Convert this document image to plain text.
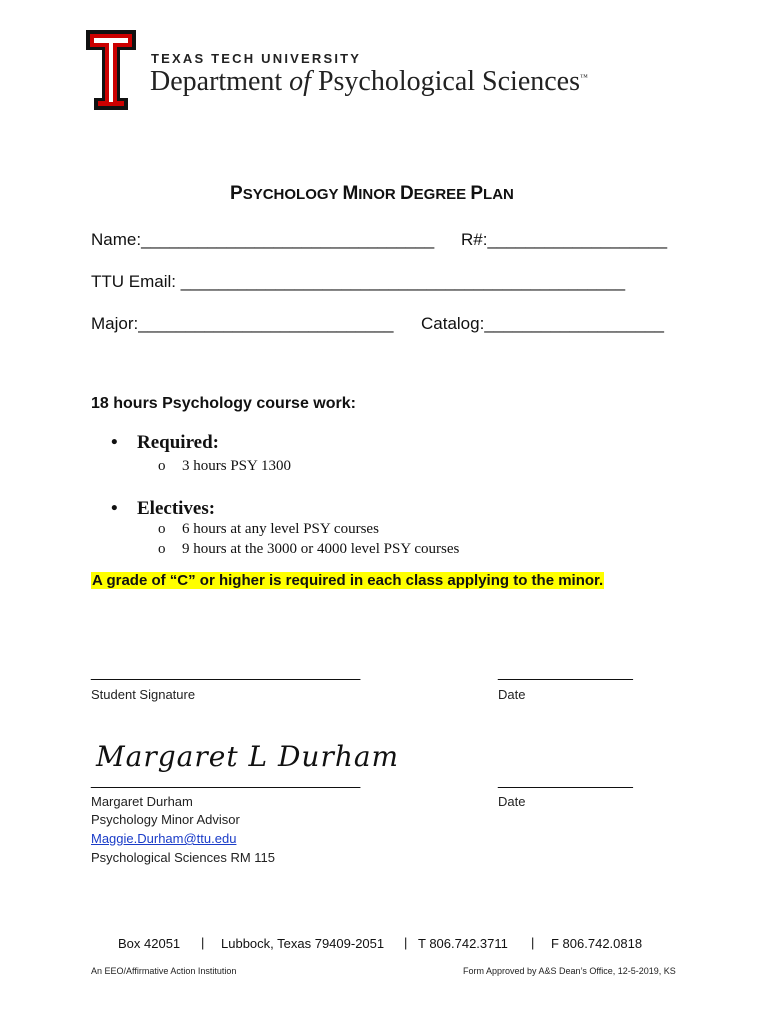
TEXAS TECH UNIVERSITY
Department of Psychological Sciences™
PSYCHOLOGY MINOR DEGREE PLAN
Name:_______________________________ R#:___________________
TTU Email: _______________________________________________
Major:___________________________ Catalog:___________________
18 hours Psychology course work:
• Required:
o 3 hours PSY 1300
• Electives:
o 6 hours at any level PSY courses
o 9 hours at the 3000 or 4000 level PSY courses
A grade of “C” or higher is required in each class applying to the minor.
________________________________	________________
Student Signature	Date
Margaret L Durham
________________________________	________________
Margaret Durham	Date
Psychology Minor Advisor
Maggie.Durham@ttu.edu
Psychological Sciences RM 115
Box 42051 | Lubbock, Texas 79409-2051 | T 806.742.3711 | F 806.742.0818
An EEO/Affirmative Action Institution	Form Approved by A&S Dean’s Office, 12-5-2019, KS
